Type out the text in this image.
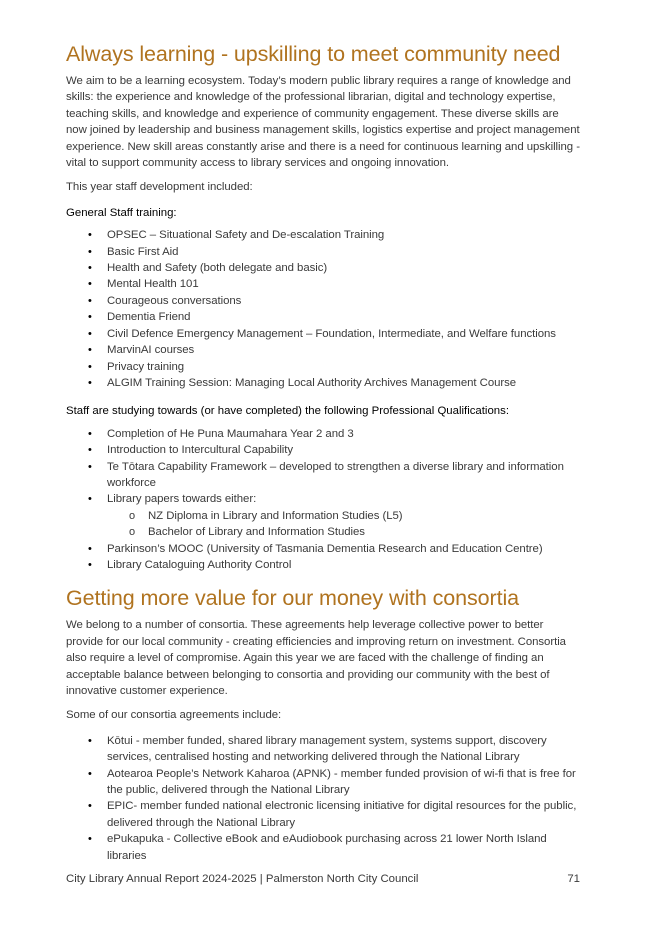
Always learning - upskilling to meet community need

We aim to be a learning ecosystem. Today’s modern public library requires a range of knowledge and skills: the experience and knowledge of the professional librarian, digital and technology expertise, teaching skills, and knowledge and experience of community engagement. These diverse skills are now joined by leadership and business management skills, logistics expertise and project management experience. New skill areas constantly arise and there is a need for continuous learning and upskilling - vital to support community access to library services and ongoing innovation.

This year staff development included:

General Staff training:
• OPSEC – Situational Safety and De-escalation Training
• Basic First Aid
• Health and Safety (both delegate and basic)
• Mental Health 101
• Courageous conversations
• Dementia Friend
• Civil Defence Emergency Management – Foundation, Intermediate, and Welfare functions
• MarvinAI courses
• Privacy training
• ALGIM Training Session: Managing Local Authority Archives Management Course
Staff are studying towards (or have completed) the following Professional Qualifications:
• Completion of He Puna Maumahara Year 2 and 3
• Introduction to Intercultural Capability
• Te Tōtara Capability Framework – developed to strengthen a diverse library and information workforce
• Library papers towards either:
o NZ Diploma in Library and Information Studies (L5)
o Bachelor of Library and Information Studies
• Parkinson’s MOOC (University of Tasmania Dementia Research and Education Centre)
• Library Cataloguing Authority Control
Getting more value for our money with consortia

We belong to a number of consortia. These agreements help leverage collective power to better provide for our local community - creating efficiencies and improving return on investment. Consortia also require a level of compromise. Again this year we are faced with the challenge of finding an acceptable balance between belonging to consortia and providing our community with the best of innovative customer experience.

Some of our consortia agreements include:

• Kōtui - member funded, shared library management system, systems support, discovery services, centralised hosting and networking delivered through the National Library
• Aotearoa People’s Network Kaharoa (APNK) - member funded provision of wi-fi that is free for the public, delivered through the National Library
• EPIC- member funded national electronic licensing initiative for digital resources for the public, delivered through the National Library
• ePukapuka - Collective eBook and eAudiobook purchasing across 21 lower North Island libraries
City Library Annual Report 2024-2025 | Palmerston North City Council	71
